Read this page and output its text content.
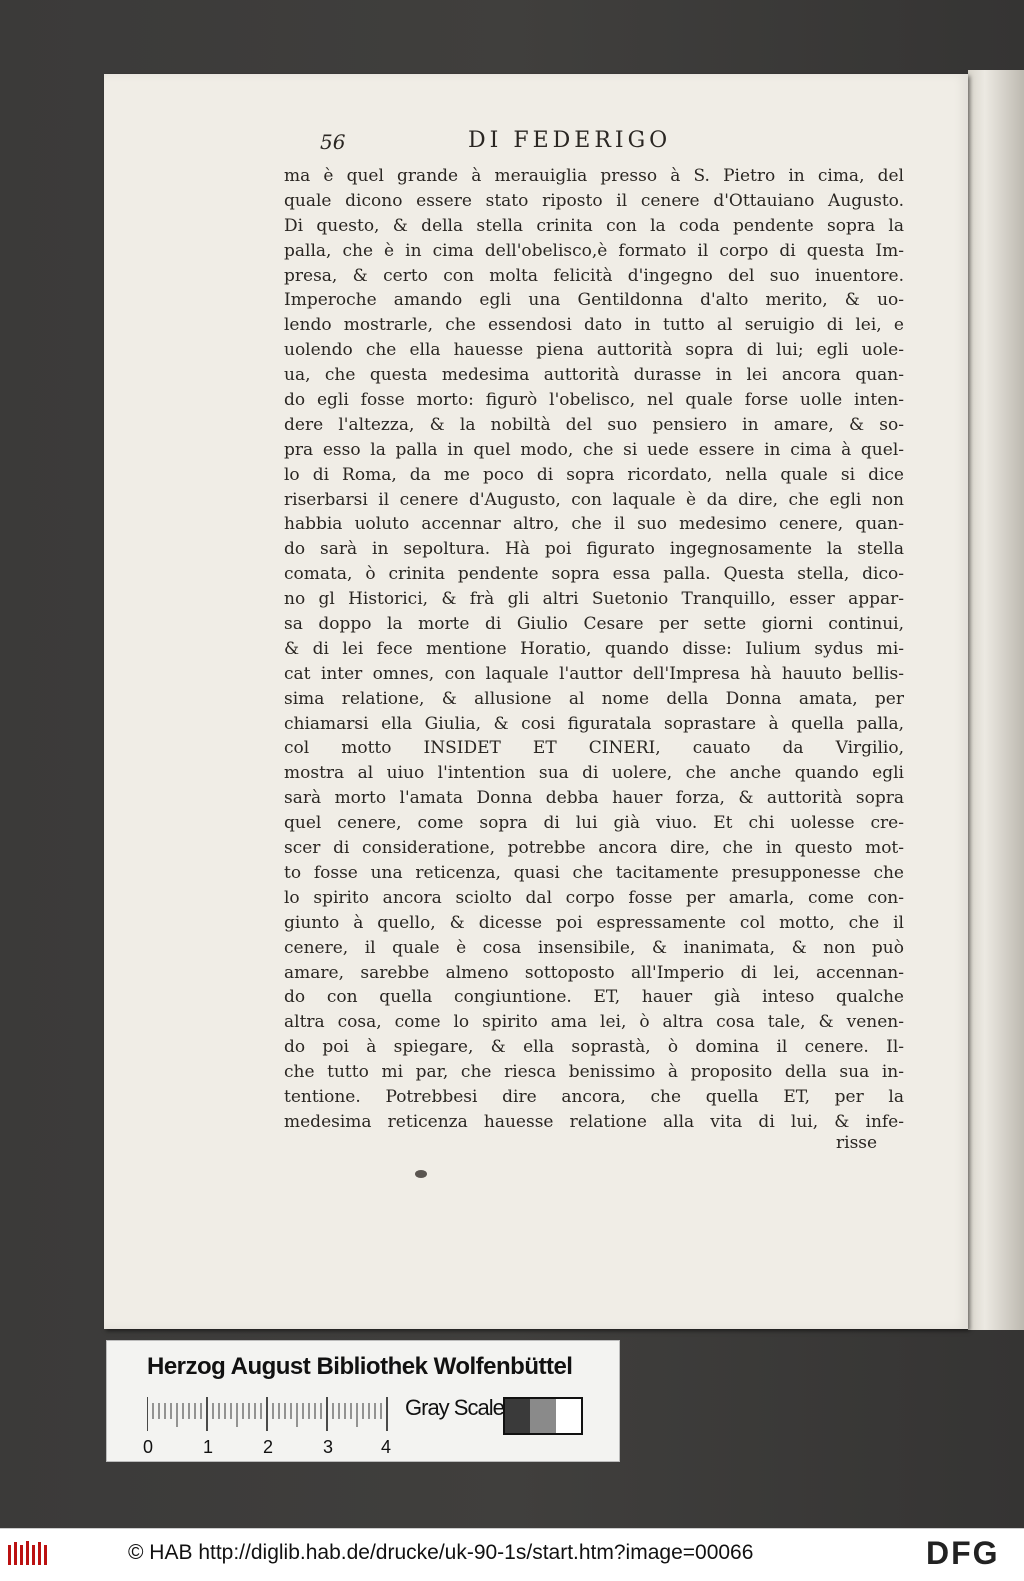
56	DI FEDERIGO
ma è quel grande à merauiglia presso à S. Pietro in cima, del
quale dicono essere stato riposto il cenere d'Ottauiano Augusto.
Di questo, & della stella crinita con la coda pendente sopra la
palla, che è in cima dell'obelisco,è formato il corpo di questa Im-
presa, & certo con molta felicità d'ingegno del suo inuentore.
Imperoche amando egli una Gentildonna d'alto merito, & uo-
lendo mostrarle, che essendosi dato in tutto al seruigio di lei, e
uolendo che ella hauesse piena auttorità sopra di lui; egli uole-
ua, che questa medesima auttorità durasse in lei ancora quan-
do egli fosse morto: figurò l'obelisco, nel quale forse uolle inten-
dere l'altezza, & la nobiltà del suo pensiero in amare, & so-
pra esso la palla in quel modo, che si uede essere in cima à quel-
lo di Roma, da me poco di sopra ricordato, nella quale si dice
riserbarsi il cenere d'Augusto, con laquale è da dire, che egli non
habbia uoluto accennar altro, che il suo medesimo cenere, quan-
do sarà in sepoltura. Hà poi figurato ingegnosamente la stella
comata, ò crinita pendente sopra essa palla. Questa stella, dico-
no gl Historici, & frà gli altri Suetonio Tranquillo, esser appar-
sa doppo la morte di Giulio Cesare per sette giorni continui,
& di lei fece mentione Horatio, quando disse: Iulium sydus mi-
cat inter omnes, con laquale l'auttor dell'Impresa hà hauuto bellis-
sima relatione, & allusione al nome della Donna amata, per
chiamarsi ella Giulia, & cosi figuratala soprastare à quella palla,
col motto INSIDET ET CINERI, cauato da Virgilio,
mostra al uiuo l'intention sua di uolere, che anche quando egli
sarà morto l'amata Donna debba hauer forza, & auttorità sopra
quel cenere, come sopra di lui già viuo. Et chi uolesse cre-
scer di consideratione, potrebbe ancora dire, che in questo mot-
to fosse una reticenza, quasi che tacitamente presupponesse che
lo spirito ancora sciolto dal corpo fosse per amarla, come con-
giunto à quello, & dicesse poi espressamente col motto, che il
cenere, il quale è cosa insensibile, & inanimata, & non può
amare, sarebbe almeno sottoposto all'Imperio di lei, accennan-
do con quella congiuntione. ET, hauer già inteso qualche
altra cosa, come lo spirito ama lei, ò altra cosa tale, & venen-
do poi à spiegare, & ella soprastà, ò domina il cenere. Il-
che tutto mi par, che riesca benissimo à proposito della sua in-
tentione. Potrebbesi dire ancora, che quella ET, per la
medesima reticenza hauesse relatione alla vita di lui, & infe-
risse
Herzog August Bibliothek Wolfenbüttel
0	1	2	3	4
Gray Scale
© HAB http://diglib.hab.de/drucke/uk-90-1s/start.htm?image=00066	DFG
